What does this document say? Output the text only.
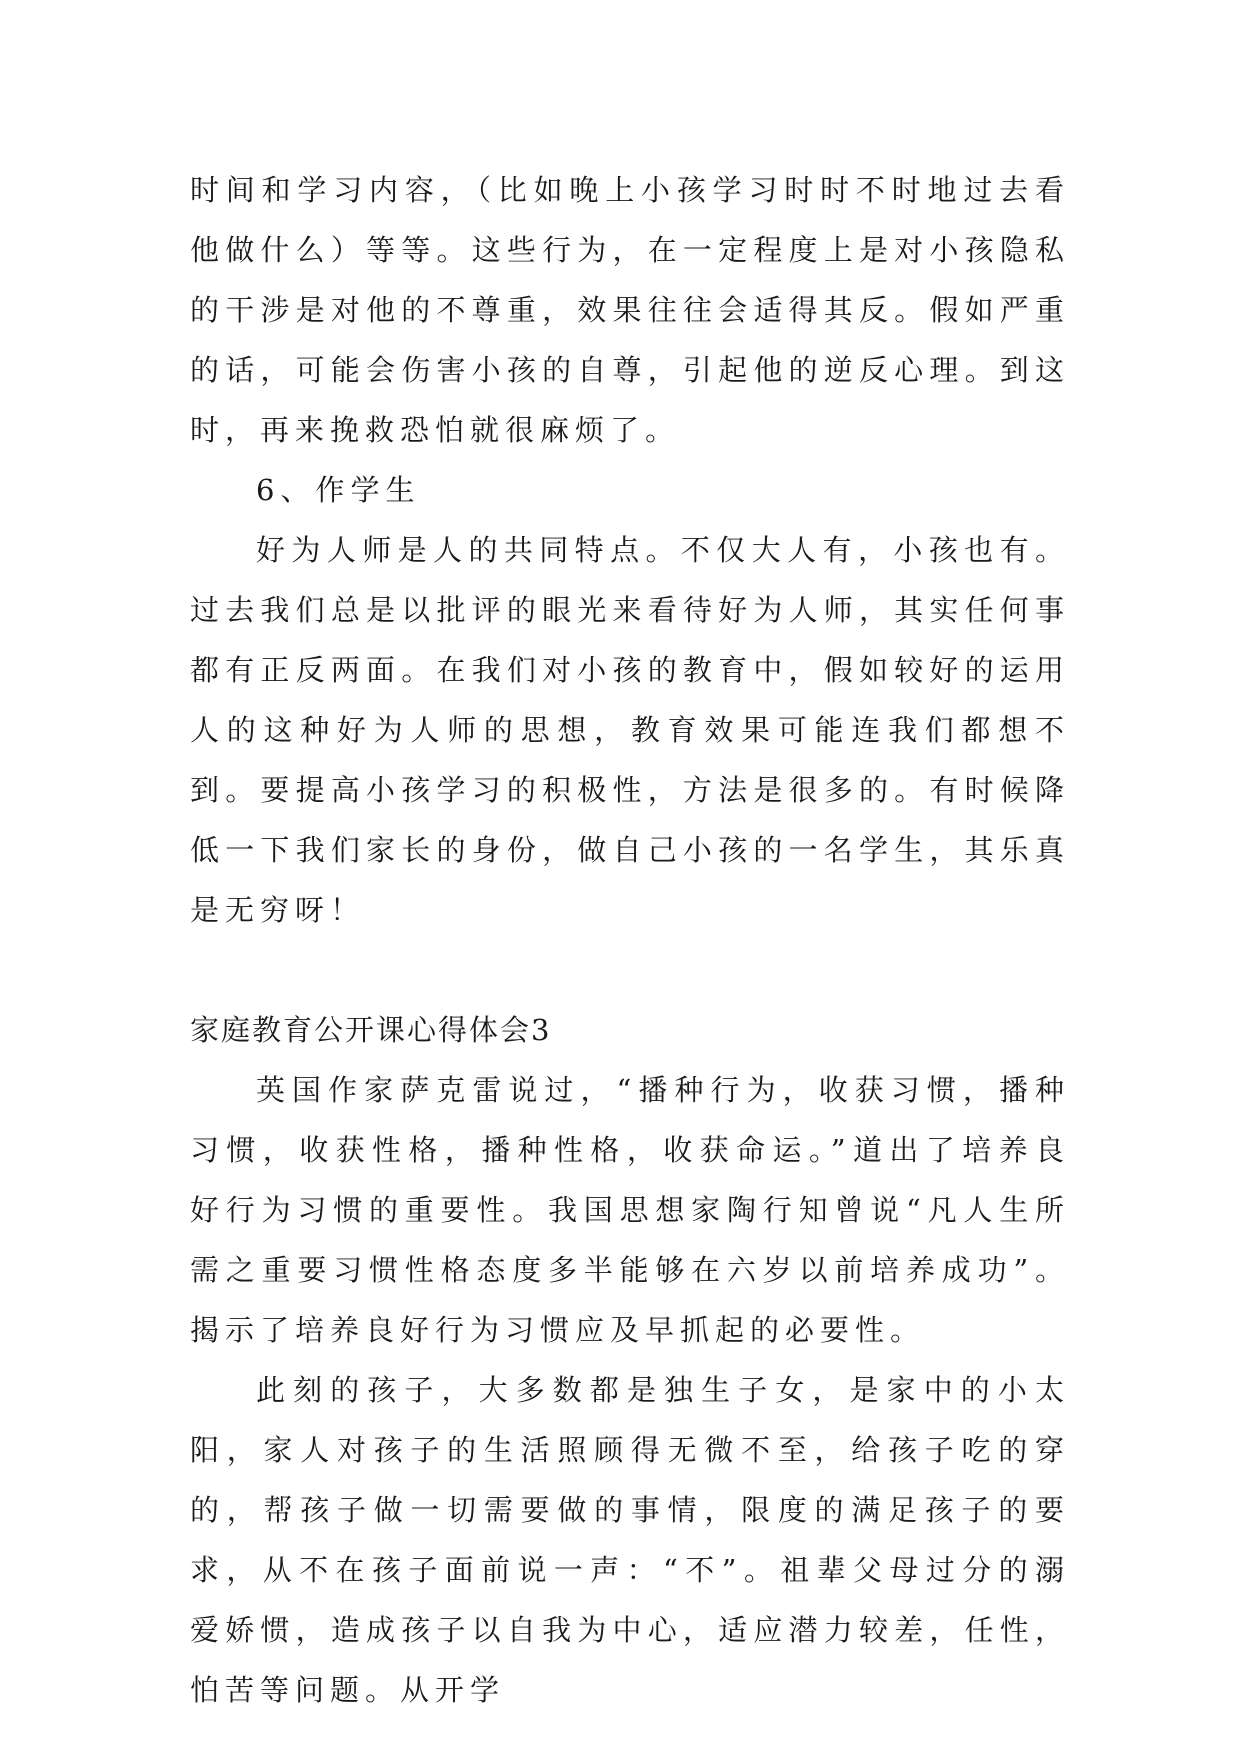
时间和学习内容，（比如晚上小孩学习时时不时地过去看他做什么）等等。这些行为，在一定程度上是对小孩隐私的干涉是对他的不尊重，效果往往会适得其反。假如严重的话，可能会伤害小孩的自尊，引起他的逆反心理。到这时，再来挽救恐怕就很麻烦了。

6、作学生

好为人师是人的共同特点。不仅大人有，小孩也有。过去我们总是以批评的眼光来看待好为人师，其实任何事都有正反两面。在我们对小孩的教育中，假如较好的运用人的这种好为人师的思想，教育效果可能连我们都想不到。要提高小孩学习的积极性，方法是很多的。有时候降低一下我们家长的身份，做自己小孩的一名学生，其乐真是无穷呀！

家庭教育公开课心得体会3

英国作家萨克雷说过，“播种行为，收获习惯，播种习惯，收获性格，播种性格，收获命运。”道出了培养良好行为习惯的重要性。我国思想家陶行知曾说“凡人生所需之重要习惯性格态度多半能够在六岁以前培养成功”。揭示了培养良好行为习惯应及早抓起的必要性。

此刻的孩子，大多数都是独生子女，是家中的小太阳，家人对孩子的生活照顾得无微不至，给孩子吃的穿的，帮孩子做一切需要做的事情，限度的满足孩子的要求，从不在孩子面前说一声：“不”。祖辈父母过分的溺爱娇惯，造成孩子以自我为中心，适应潜力较差，任性，怕苦等问题。从开学
